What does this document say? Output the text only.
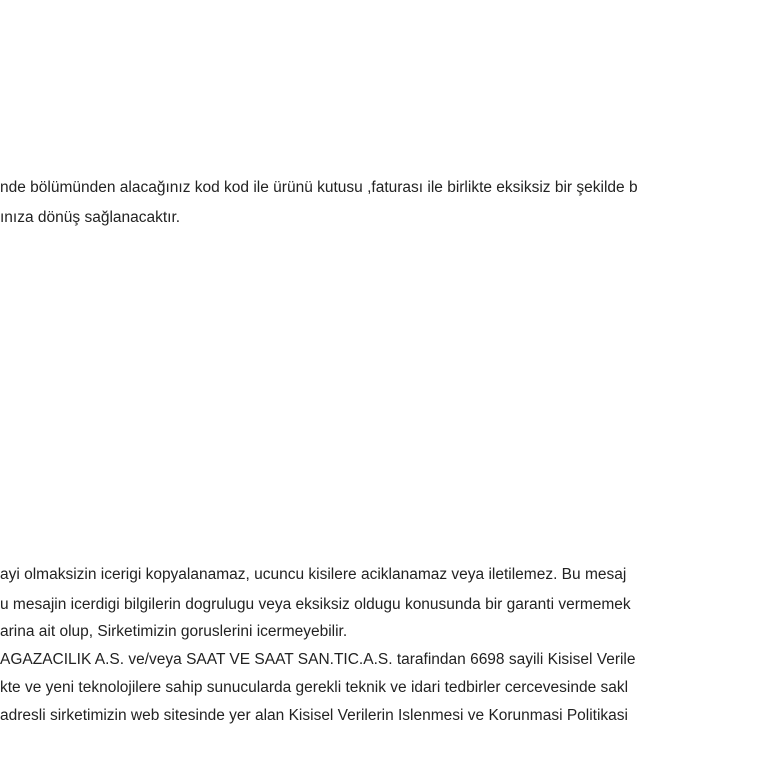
nde bölümünden alacağınız kod kod ile ürünü kutusu ,faturası ile birlikte eksiksiz bir şekilde b
ınıza dönüş sağlanacaktır.
ayi olmaksizin icerigi kopyalanamaz, ucuncu kisilere aciklanamaz veya iletilemez. Bu mesaj
u mesajin icerdigi bilgilerin dogrulugu veya eksiksiz oldugu konusunda bir garanti vermemek
arina ait olup, Sirketimizin goruslerini icermeyebilir.
AGAZACILIK A.S. ve/veya SAAT VE SAAT SAN.TIC.A.S. tarafindan 6698 sayili Kisisel Verile
kte ve yeni teknolojilere sahip sunucularda gerekli teknik ve idari tedbirler cercevesinde sakl
adresli sirketimizin web sitesinde yer alan Kisisel Verilerin Islenmesi ve Korunmasi Politikasi
